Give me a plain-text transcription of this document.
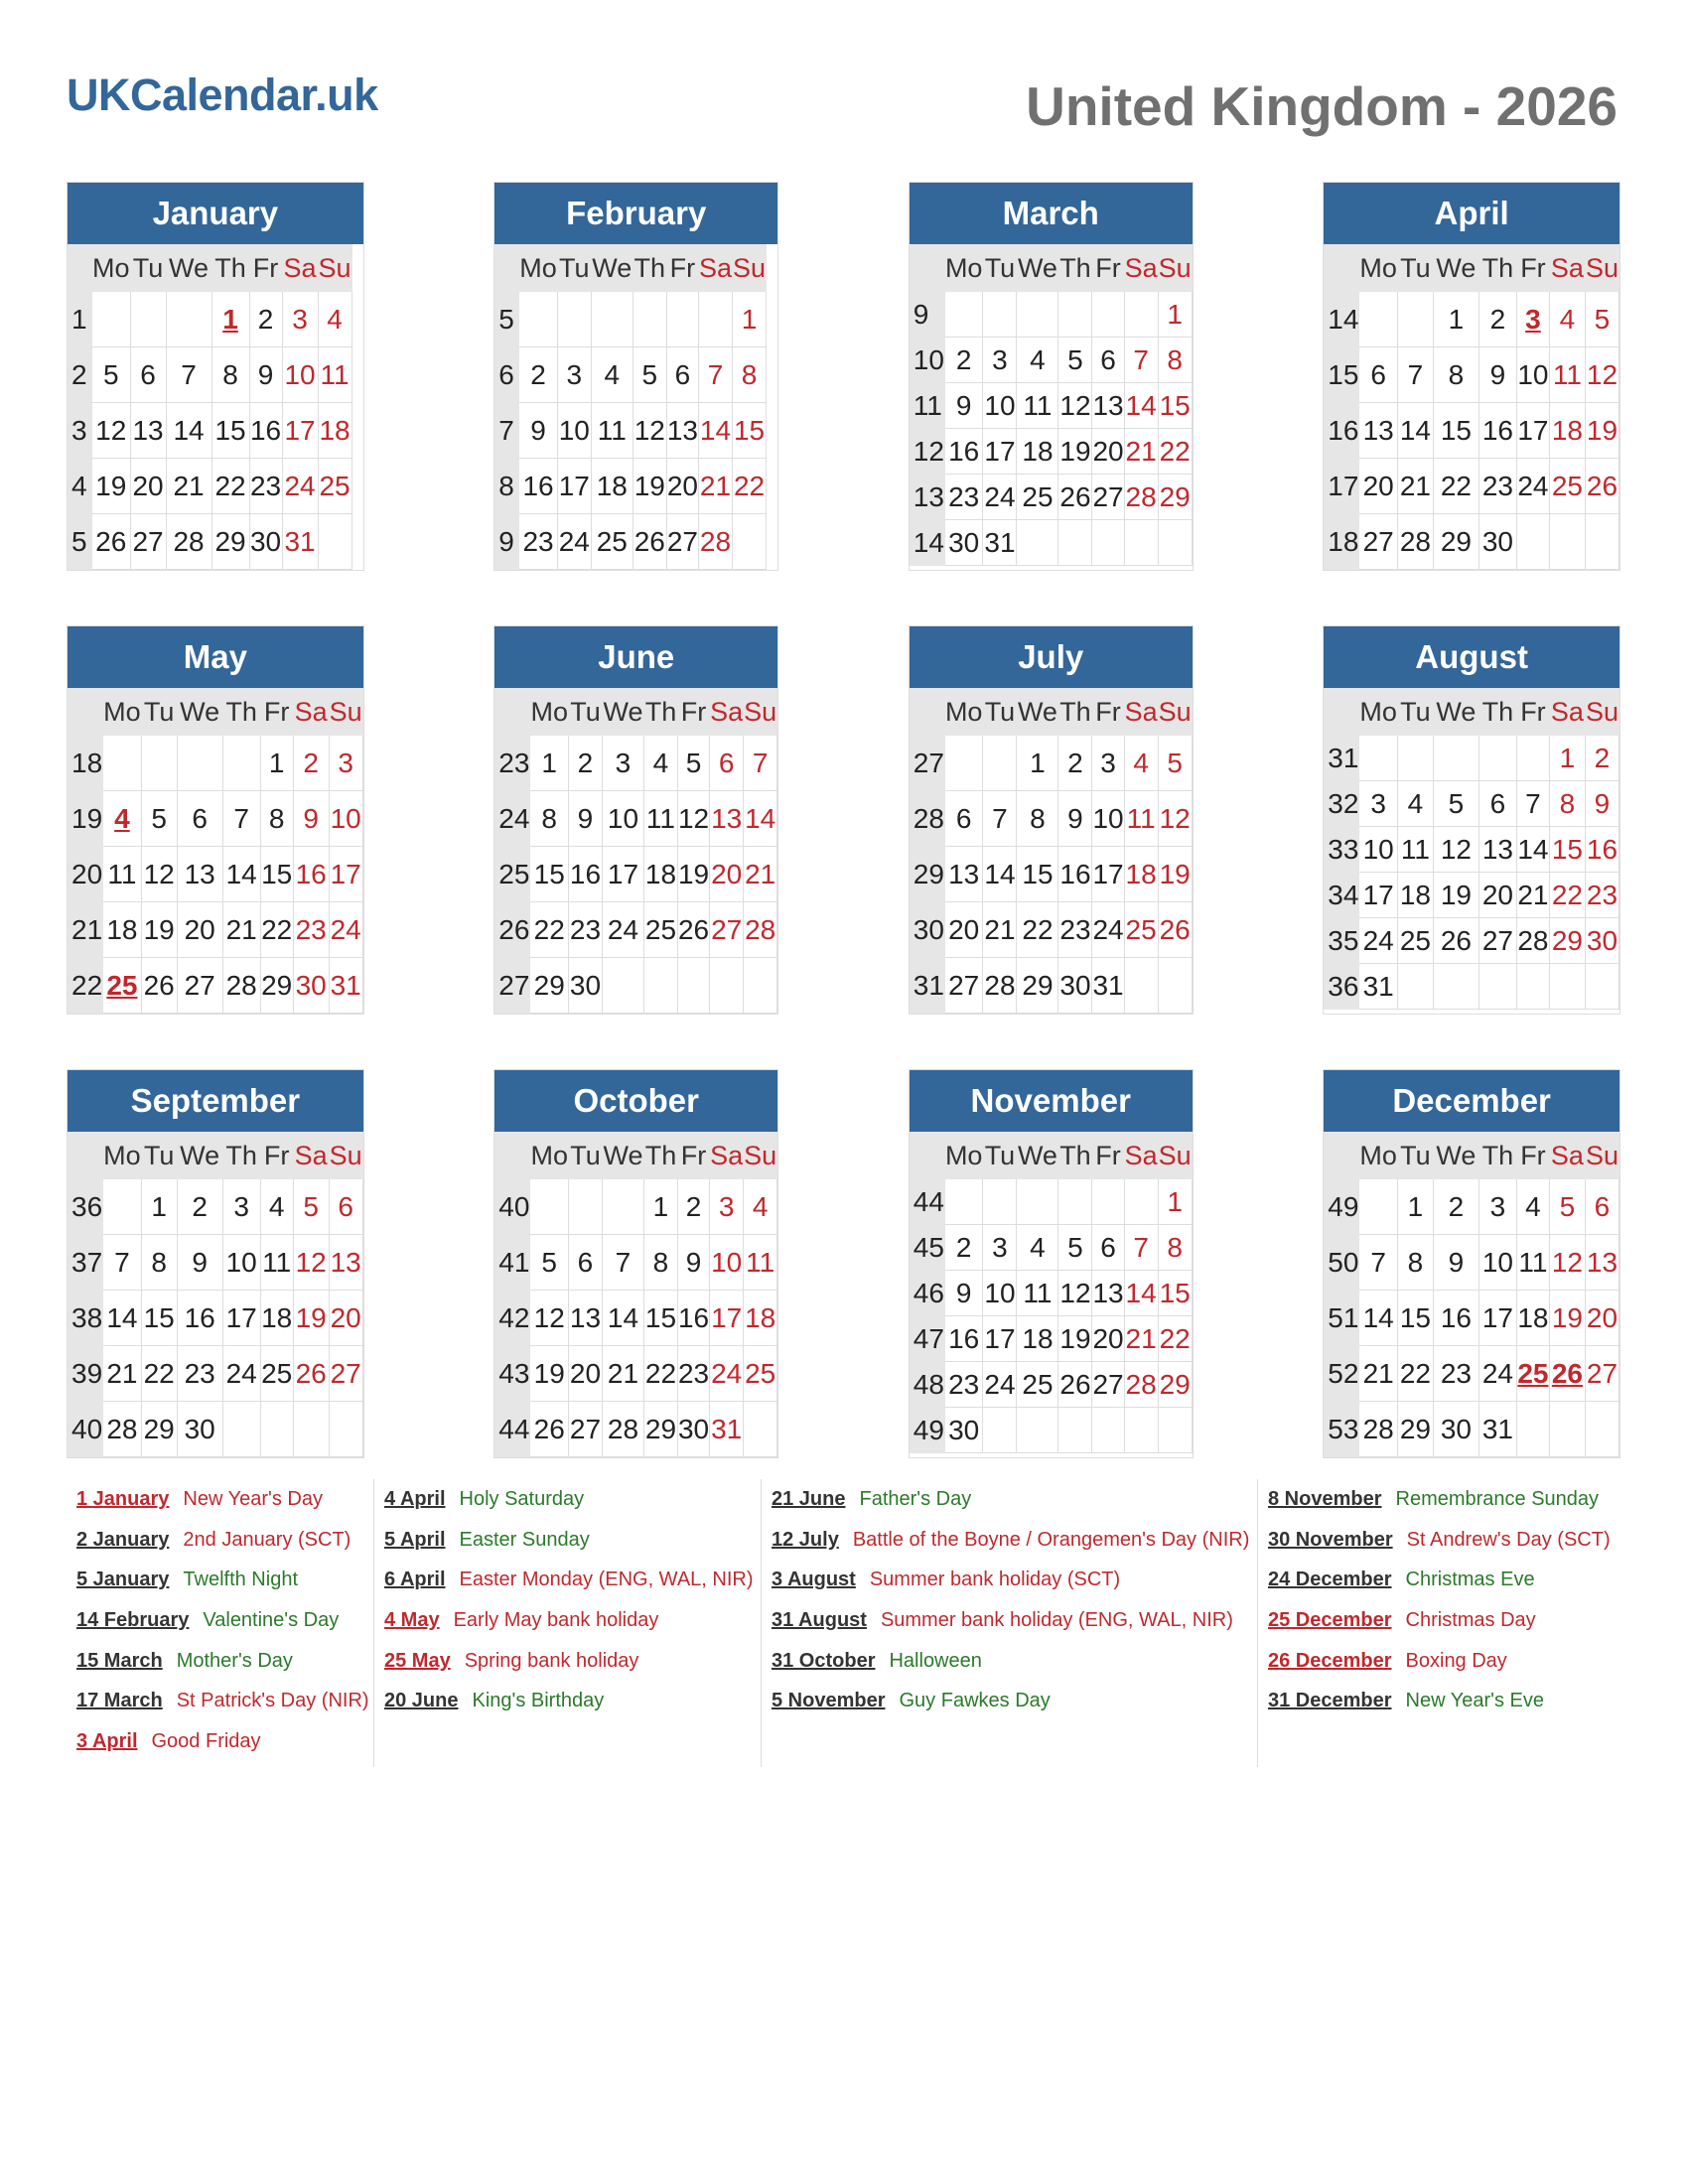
UKCalendar.uk	United Kingdom - 2026
January
	Mo	Tu	We	Th	Fr	Sa	Su
1				1	2	3	4
2	5	6	7	8	9	10	11
3	12	13	14	15	16	17	18
4	19	20	21	22	23	24	25
5	26	27	28	29	30	31	
February
	Mo	Tu	We	Th	Fr	Sa	Su
5							1
6	2	3	4	5	6	7	8
7	9	10	11	12	13	14	15
8	16	17	18	19	20	21	22
9	23	24	25	26	27	28	
March
	Mo	Tu	We	Th	Fr	Sa	Su
9							1
10	2	3	4	5	6	7	8
11	9	10	11	12	13	14	15
12	16	17	18	19	20	21	22
13	23	24	25	26	27	28	29
14	30	31					
April
	Mo	Tu	We	Th	Fr	Sa	Su
14			1	2	3	4	5
15	6	7	8	9	10	11	12
16	13	14	15	16	17	18	19
17	20	21	22	23	24	25	26
18	27	28	29	30			
May
	Mo	Tu	We	Th	Fr	Sa	Su
18					1	2	3
19	4	5	6	7	8	9	10
20	11	12	13	14	15	16	17
21	18	19	20	21	22	23	24
22	25	26	27	28	29	30	31
June
	Mo	Tu	We	Th	Fr	Sa	Su
23	1	2	3	4	5	6	7
24	8	9	10	11	12	13	14
25	15	16	17	18	19	20	21
26	22	23	24	25	26	27	28
27	29	30					
July
	Mo	Tu	We	Th	Fr	Sa	Su
27			1	2	3	4	5
28	6	7	8	9	10	11	12
29	13	14	15	16	17	18	19
30	20	21	22	23	24	25	26
31	27	28	29	30	31		
August
	Mo	Tu	We	Th	Fr	Sa	Su
31						1	2
32	3	4	5	6	7	8	9
33	10	11	12	13	14	15	16
34	17	18	19	20	21	22	23
35	24	25	26	27	28	29	30
36	31						
September
	Mo	Tu	We	Th	Fr	Sa	Su
36		1	2	3	4	5	6
37	7	8	9	10	11	12	13
38	14	15	16	17	18	19	20
39	21	22	23	24	25	26	27
40	28	29	30				
October
	Mo	Tu	We	Th	Fr	Sa	Su
40				1	2	3	4
41	5	6	7	8	9	10	11
42	12	13	14	15	16	17	18
43	19	20	21	22	23	24	25
44	26	27	28	29	30	31	
November
	Mo	Tu	We	Th	Fr	Sa	Su
44							1
45	2	3	4	5	6	7	8
46	9	10	11	12	13	14	15
47	16	17	18	19	20	21	22
48	23	24	25	26	27	28	29
49	30						
December
	Mo	Tu	We	Th	Fr	Sa	Su
49		1	2	3	4	5	6
50	7	8	9	10	11	12	13
51	14	15	16	17	18	19	20
52	21	22	23	24	25	26	27
53	28	29	30	31			
1 January New Year's Day
2 January 2nd January (SCT)
5 January Twelfth Night
14 February Valentine's Day
15 March Mother's Day
17 March St Patrick's Day (NIR)
3 April Good Friday
4 April Holy Saturday
5 April Easter Sunday
6 April Easter Monday (ENG, WAL, NIR)
4 May Early May bank holiday
25 May Spring bank holiday
20 June King's Birthday
21 June Father's Day
12 July Battle of the Boyne / Orangemen's Day (NIR)
3 August Summer bank holiday (SCT)
31 August Summer bank holiday (ENG, WAL, NIR)
31 October Halloween
5 November Guy Fawkes Day
8 November Remembrance Sunday
30 November St Andrew's Day (SCT)
24 December Christmas Eve
25 December Christmas Day
26 December Boxing Day
31 December New Year's Eve
